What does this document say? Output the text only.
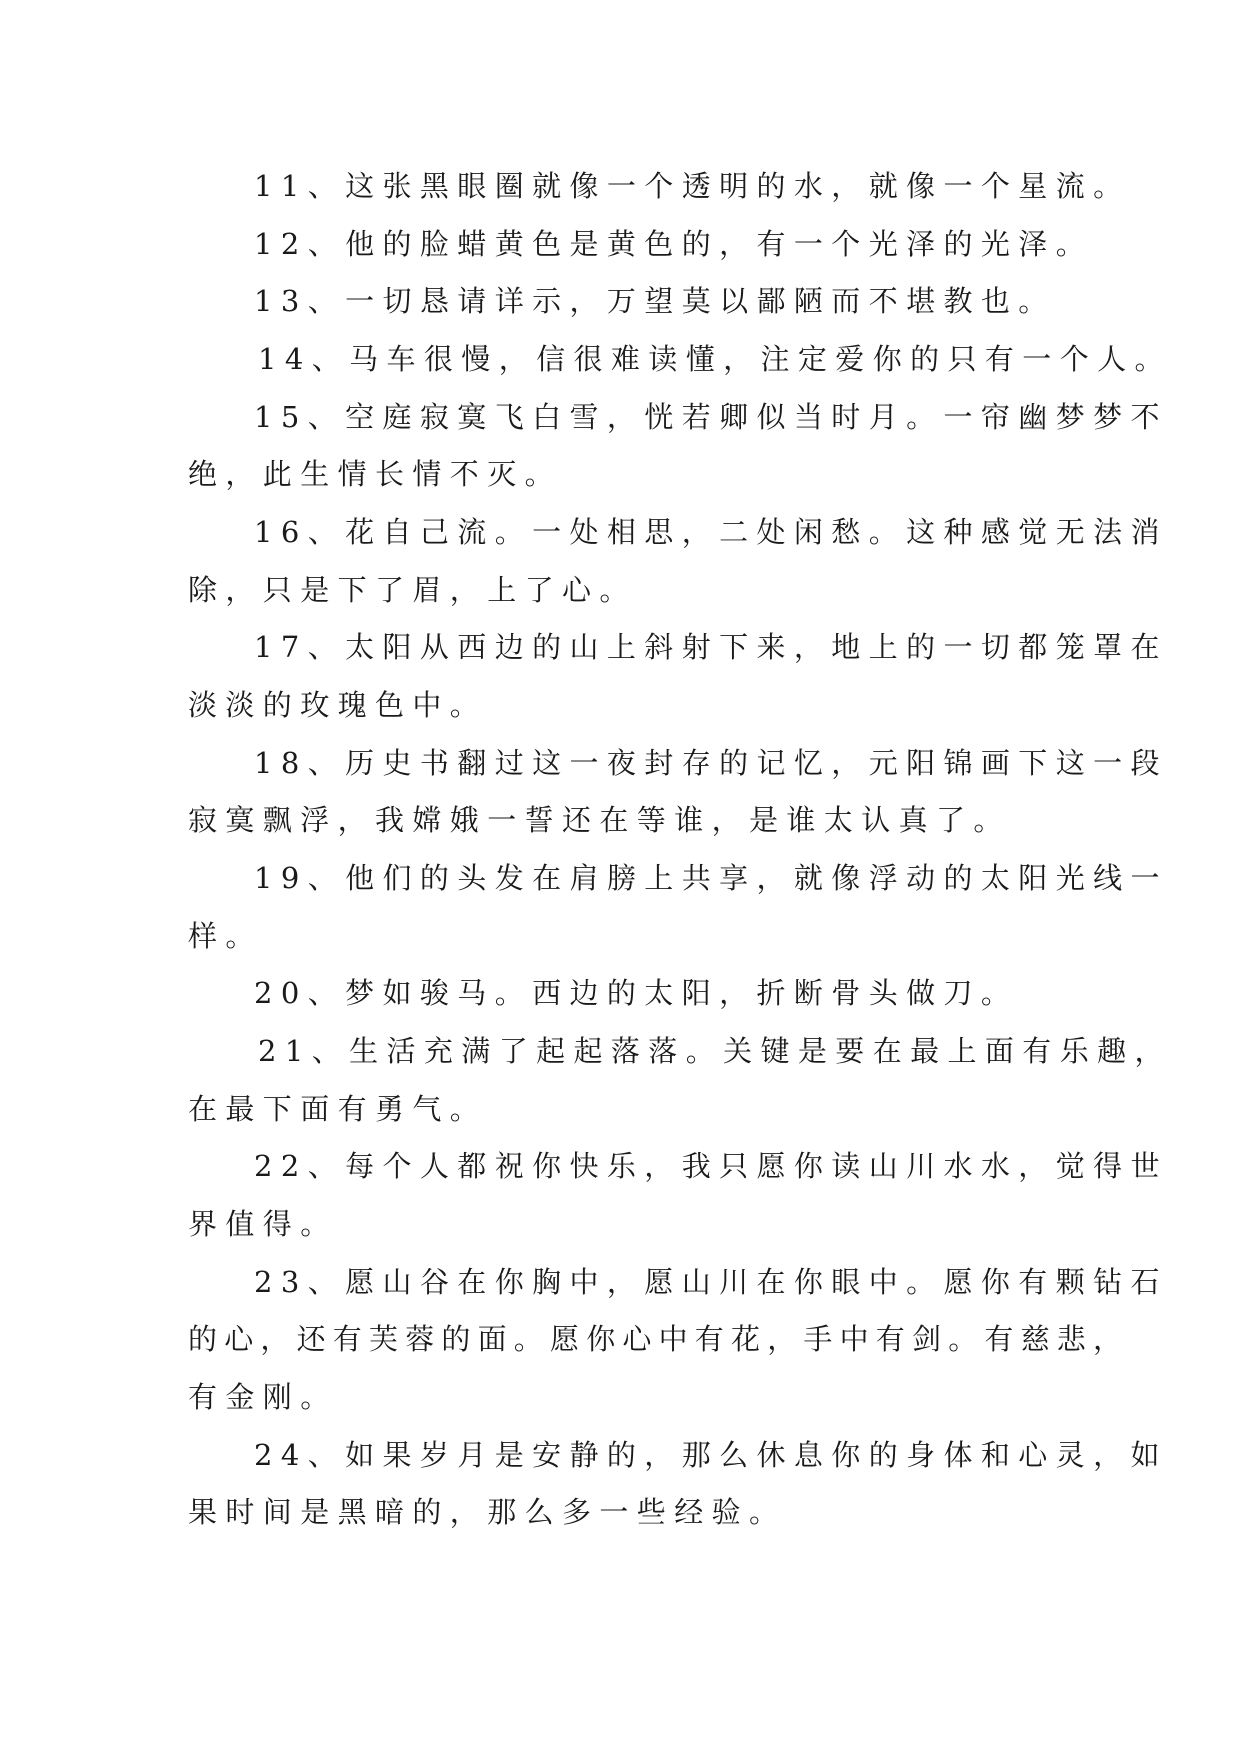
11、这张黑眼圈就像一个透明的水，就像一个星流。
12、他的脸蜡黄色是黄色的，有一个光泽的光泽。
13、一切恳请详示，万望莫以鄙陋而不堪教也。
14、马车很慢，信很难读懂，注定爱你的只有一个人。
15、空庭寂寞飞白雪，恍若卿似当时月。一帘幽梦梦不
绝，此生情长情不灭。
16、花自己流。一处相思，二处闲愁。这种感觉无法消
除，只是下了眉，上了心。
17、太阳从西边的山上斜射下来，地上的一切都笼罩在
淡淡的玫瑰色中。
18、历史书翻过这一夜封存的记忆，元阳锦画下这一段
寂寞飘浮，我嫦娥一誓还在等谁，是谁太认真了。
19、他们的头发在肩膀上共享，就像浮动的太阳光线一
样。
20、梦如骏马。西边的太阳，折断骨头做刀。
21、生活充满了起起落落。关键是要在最上面有乐趣，
在最下面有勇气。
22、每个人都祝你快乐，我只愿你读山川水水，觉得世
界值得。
23、愿山谷在你胸中，愿山川在你眼中。愿你有颗钻石
的心，还有芙蓉的面。愿你心中有花，手中有剑。有慈悲，
有金刚。
24、如果岁月是安静的，那么休息你的身体和心灵，如
果时间是黑暗的，那么多一些经验。
